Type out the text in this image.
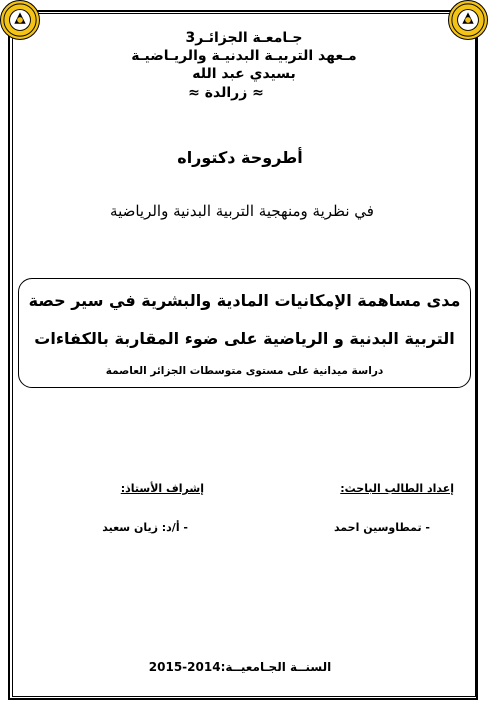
جـامعـة الجزائـر3
مـعهد التربيـة البدنيـة والريـاضيـة
بسيدي عبد الله
≈ زرالدة ≈
أطروحة دكتوراه
في نظرية ومنهجية التربية البدنية والرياضية
مدى مساهمة الإمكانيات المادية والبشرية في سير حصة
التربية البدنية و الرياضية على ضوء المقاربة بالكفاءات
دراسة ميدانية على مستوى متوسطات الجزائر العاصمة
إعداد الطالب الباحث:
إشراف الأستاذ:
- تمطاوسين احمد
- أ/د: زيان سعيد
السنــة الجـامعيــة:2014-2015
